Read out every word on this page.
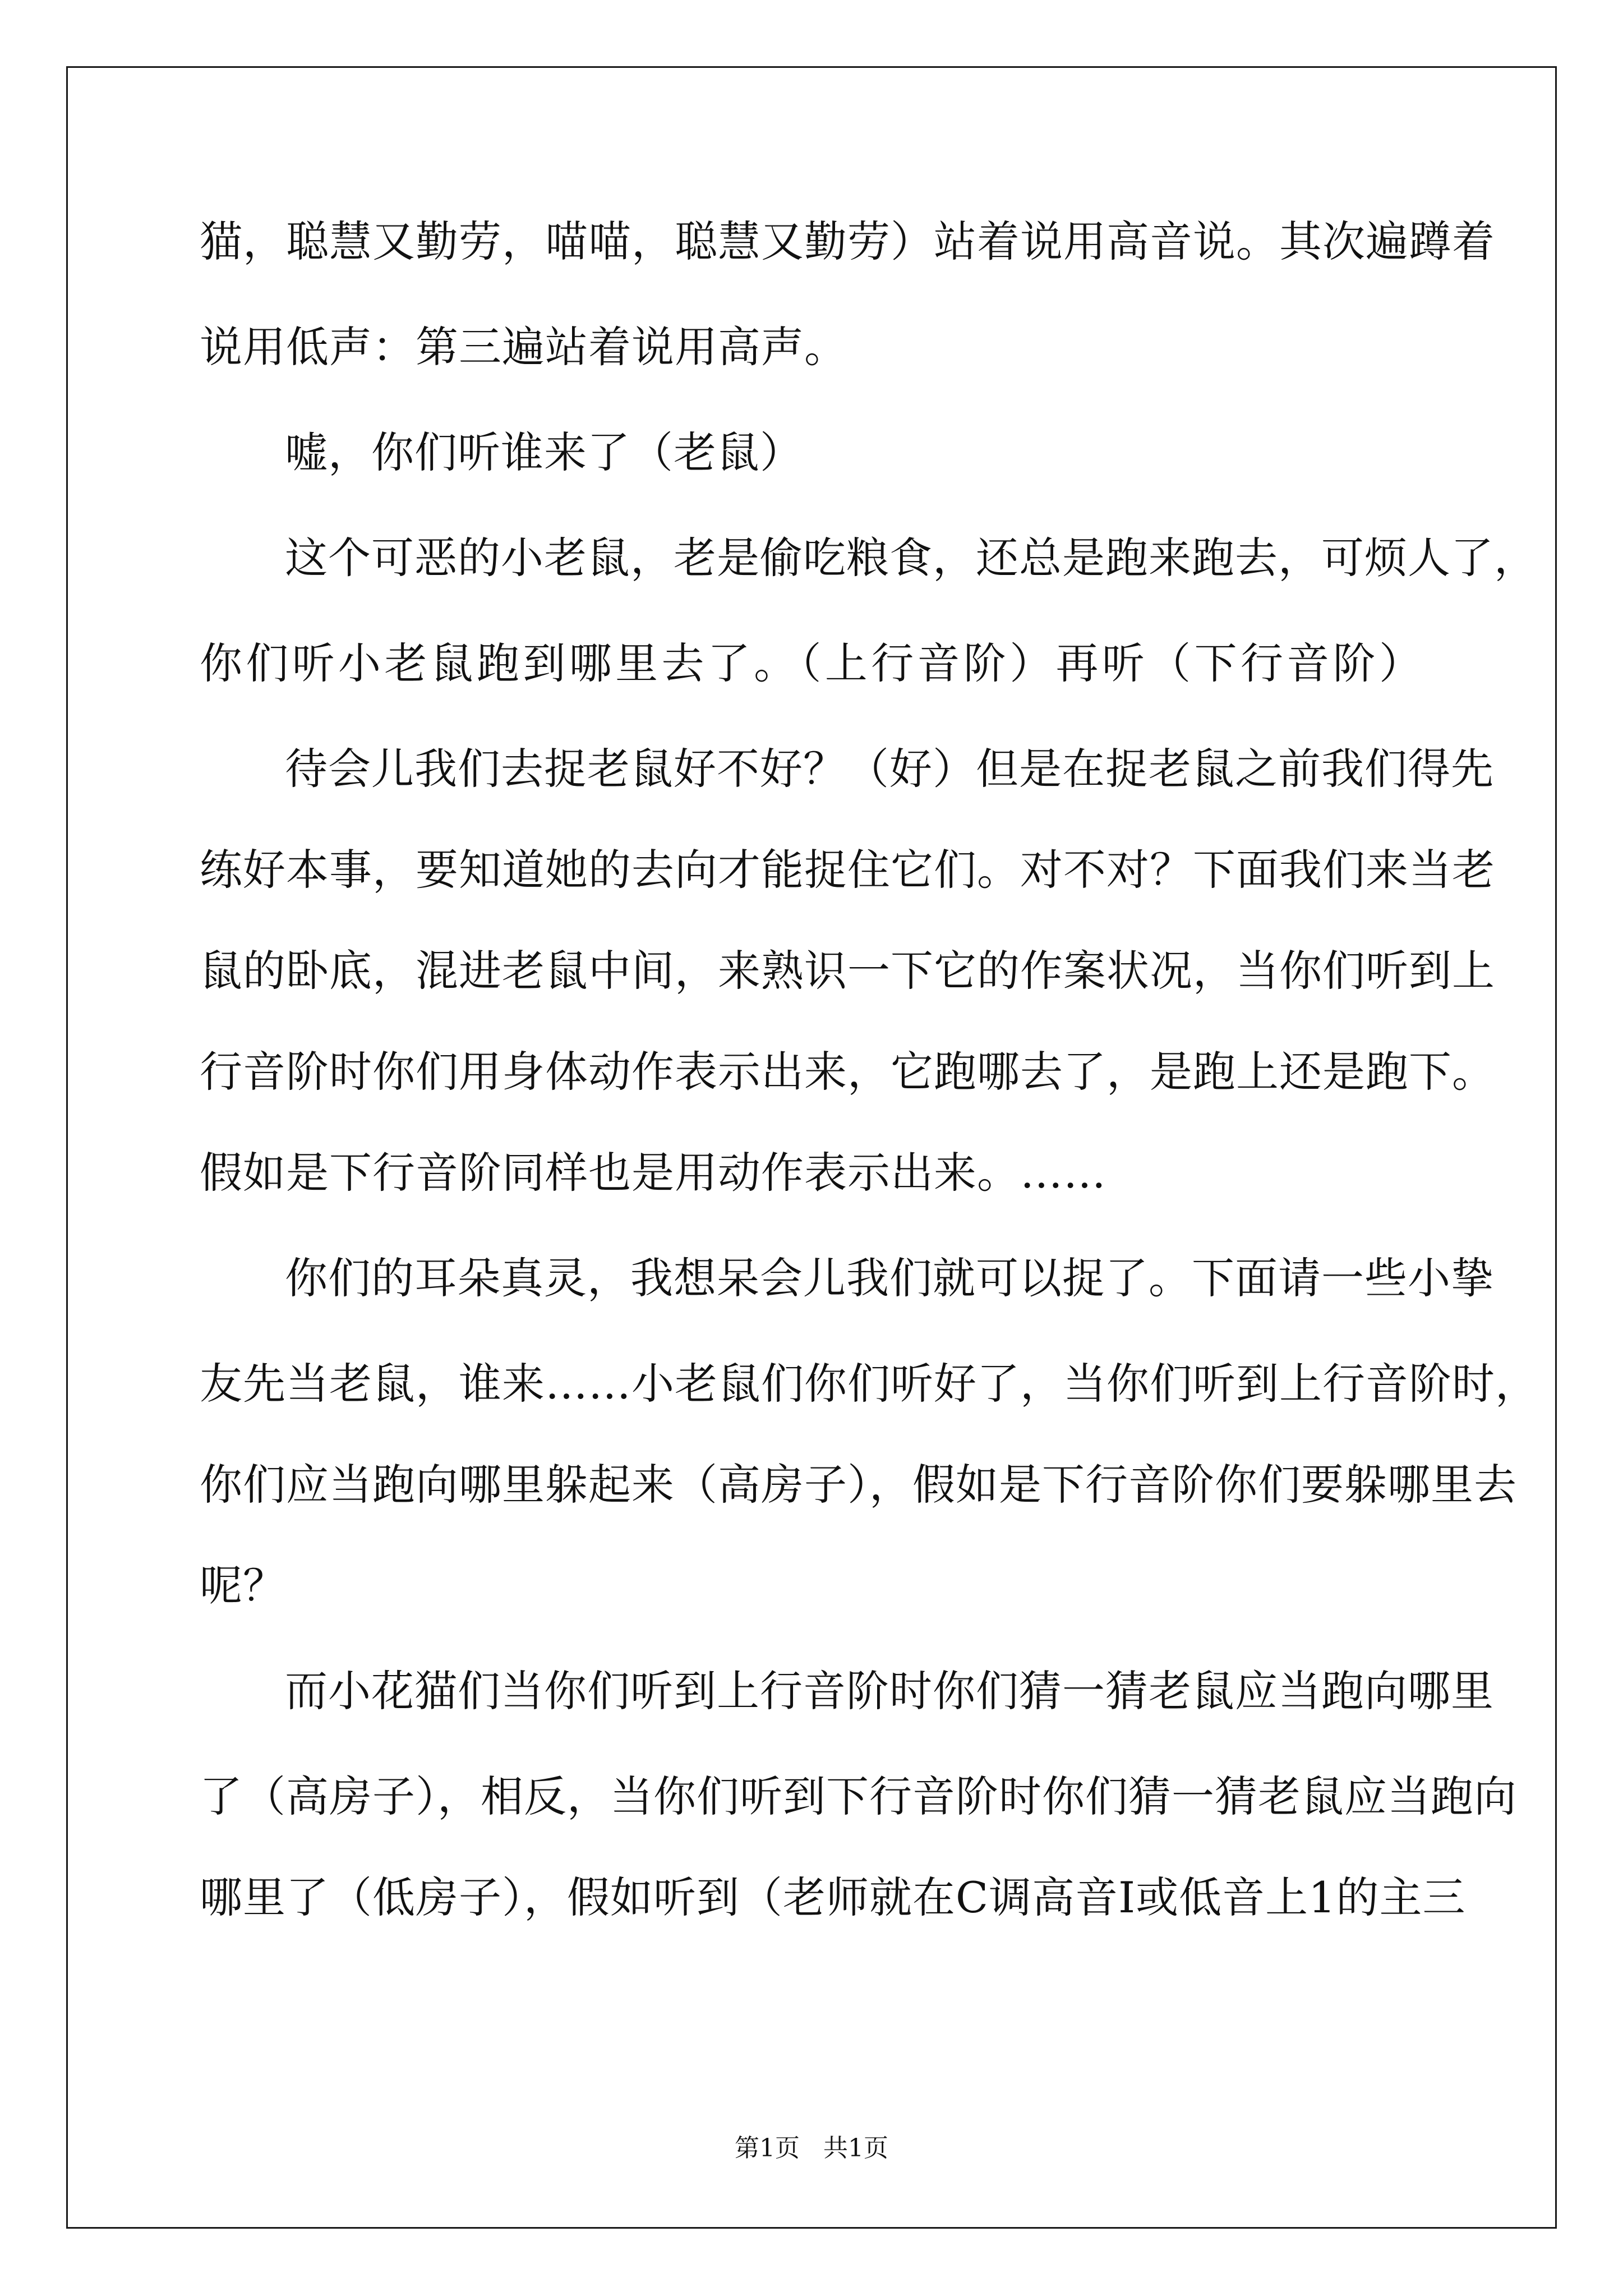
猫，聪慧又勤劳，喵喵，聪慧又勤劳）站着说用高音说。其次遍蹲着
说用低声：第三遍站着说用高声。
嘘，你们听谁来了（老鼠）
这个可恶的小老鼠，老是偷吃粮食，还总是跑来跑去，可烦人了，
你们听小老鼠跑到哪里去了。（上行音阶）再听（下行音阶）
待会儿我们去捉老鼠好不好？（好）但是在捉老鼠之前我们得先
练好本事，要知道她的去向才能捉住它们。对不对？下面我们来当老
鼠的卧底，混进老鼠中间，来熟识一下它的作案状况，当你们听到上
行音阶时你们用身体动作表示出来，它跑哪去了，是跑上还是跑下。
假如是下行音阶同样也是用动作表示出来。……
你们的耳朵真灵，我想呆会儿我们就可以捉了。下面请一些小挚
友先当老鼠，谁来……小老鼠们你们听好了，当你们听到上行音阶时，
你们应当跑向哪里躲起来（高房子），假如是下行音阶你们要躲哪里去
呢？
而小花猫们当你们听到上行音阶时你们猜一猜老鼠应当跑向哪里
了（高房子），相反，当你们听到下行音阶时你们猜一猜老鼠应当跑向
哪里了（低房子），假如听到（老师就在C调高音Ⅰ或低音上1的主三
第1页 共1页
